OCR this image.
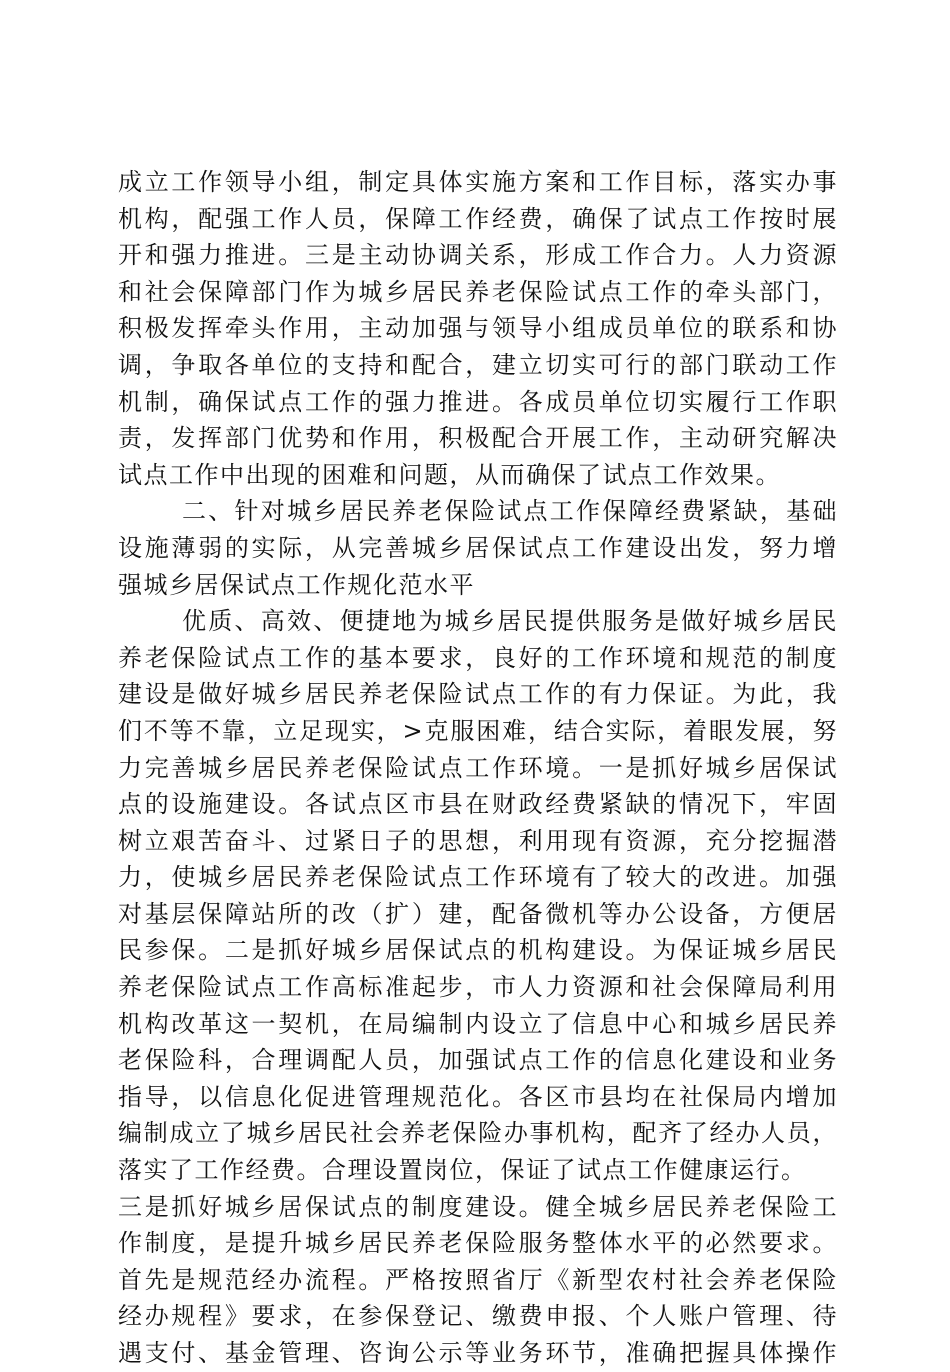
成立工作领导小组，制定具体实施方案和工作目标，落实办事
机构，配强工作人员，保障工作经费，确保了试点工作按时展
开和强力推进。三是主动协调关系，形成工作合力。人力资源
和社会保障部门作为城乡居民养老保险试点工作的牵头部门，
积极发挥牵头作用，主动加强与领导小组成员单位的联系和协
调，争取各单位的支持和配合，建立切实可行的部门联动工作
机制，确保试点工作的强力推进。各成员单位切实履行工作职
责，发挥部门优势和作用，积极配合开展工作，主动研究解决
试点工作中出现的困难和问题，从而确保了试点工作效果。
二、针对城乡居民养老保险试点工作保障经费紧缺，基础
设施薄弱的实际，从完善城乡居保试点工作建设出发，努力增
强城乡居保试点工作规化范水平
优质、高效、便捷地为城乡居民提供服务是做好城乡居民
养老保险试点工作的基本要求，良好的工作环境和规范的制度
建设是做好城乡居民养老保险试点工作的有力保证。为此，我
们不等不靠，立足现实，>克服困难，结合实际，着眼发展，努
力完善城乡居民养老保险试点工作环境。一是抓好城乡居保试
点的设施建设。各试点区市县在财政经费紧缺的情况下，牢固
树立艰苦奋斗、过紧日子的思想，利用现有资源，充分挖掘潜
力，使城乡居民养老保险试点工作环境有了较大的改进。加强
对基层保障站所的改（扩）建，配备微机等办公设备，方便居
民参保。二是抓好城乡居保试点的机构建设。为保证城乡居民
养老保险试点工作高标准起步，市人力资源和社会保障局利用
机构改革这一契机，在局编制内设立了信息中心和城乡居民养
老保险科，合理调配人员，加强试点工作的信息化建设和业务
指导，以信息化促进管理规范化。各区市县均在社保局内增加
编制成立了城乡居民社会养老保险办事机构，配齐了经办人员，
落实了工作经费。合理设置岗位，保证了试点工作健康运行。
三是抓好城乡居保试点的制度建设。健全城乡居民养老保险工
作制度，是提升城乡居民养老保险服务整体水平的必然要求。
首先是规范经办流程。严格按照省厅《新型农村社会养老保险
经办规程》要求，在参保登记、缴费申报、个人账户管理、待
遇支付、基金管理、咨询公示等业务环节，准确把握具体操作
